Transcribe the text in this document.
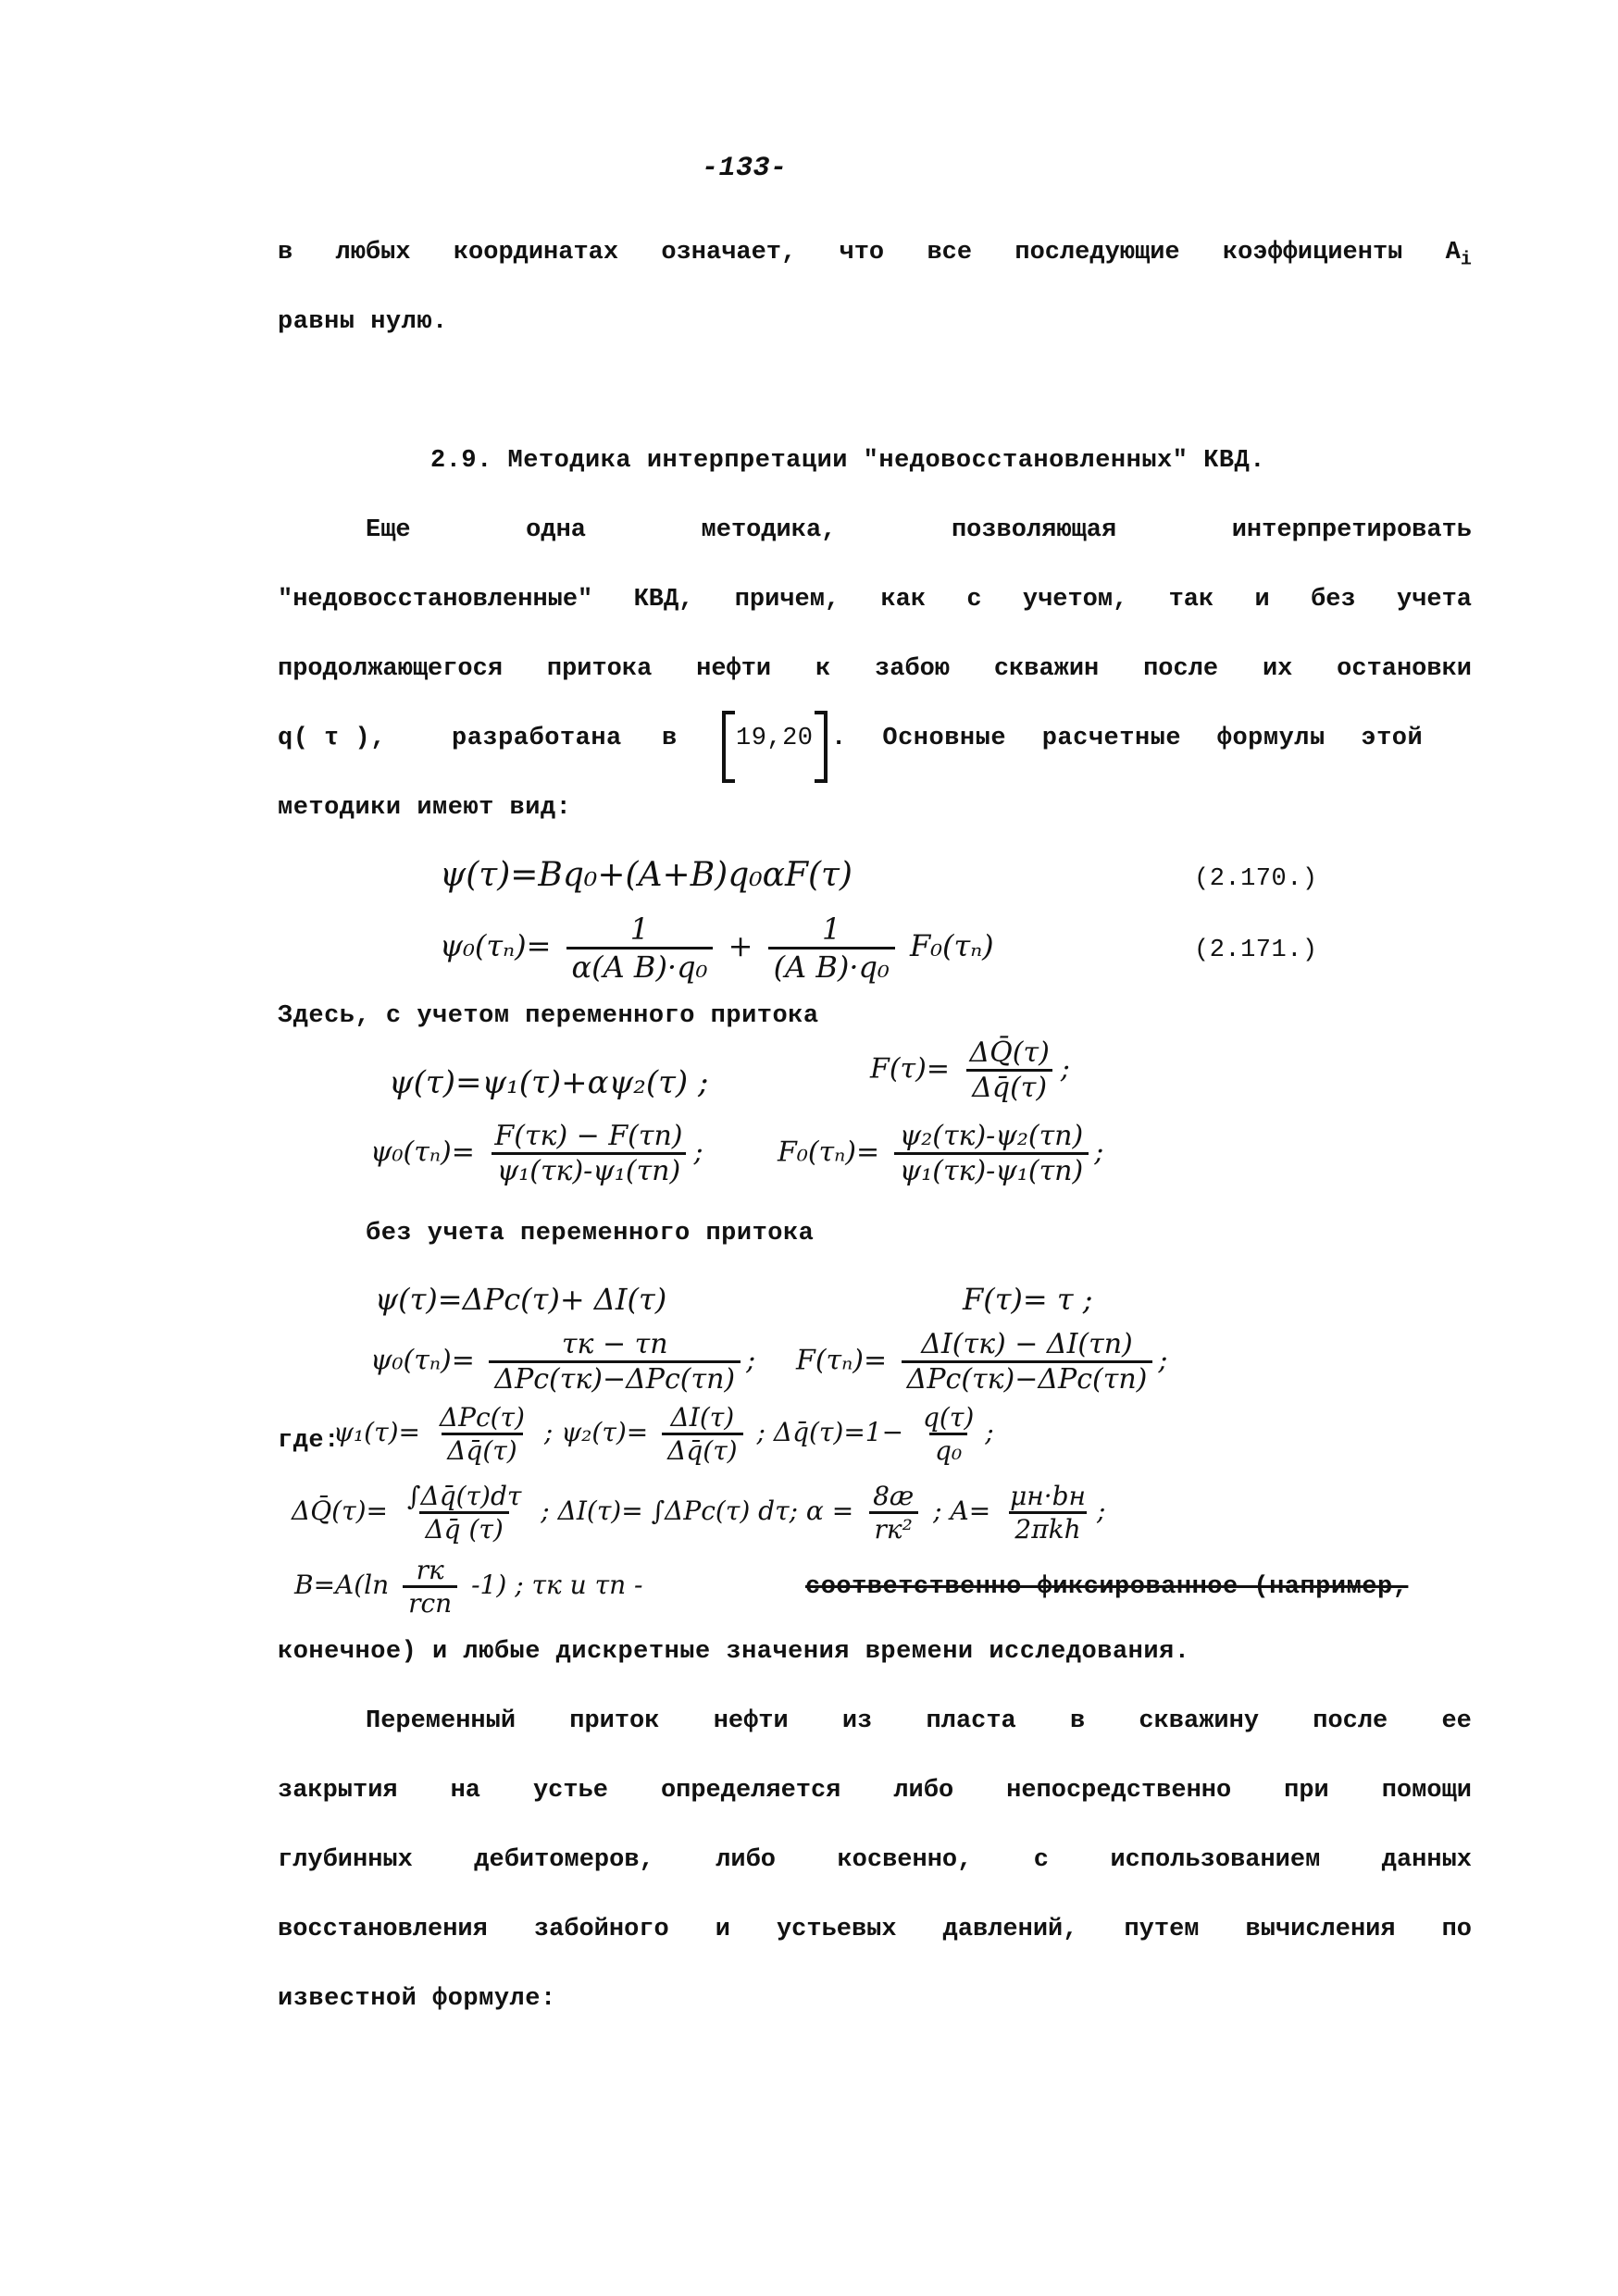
-133-
в любых координатах означает, что все последующие коэффициенты $A_i$
равны нулю.
2.9. Методика интерпретации "недовосстановленных" КВД.
Еще	одна	методика,	позволяющая	интерпретировать
"недовосстановленные" КВД, причем, как с учетом, так и без учета
продолжающегося притока нефти к забою скважин после их остановки
q( τ ),	разработана в 19,20 . Основные расчетные формулы этой
методики имеют вид:
ψ(τ)=Bq₀+(A+B)q₀αF(τ)	(2.170.)
$\psi_0(\tau_n)= \frac{1}{\text{α(A B)·q₀}} + \frac{1}{\text{(A B)·q₀}} F_0(\tau_n)$	(2.171.)
Здесь, с учетом переменного притока
ψ(τ)=ψ₁(τ)+αψ₂(τ) ;	$F(\tau)= \frac{\Delta Q̄(\tau)}{\Delta q̄(\tau)}$ ;
$\psi_0(\tau_n)= \frac{F(\tau к) - F(\tau n)}{\text{ψ₁(τк)-ψ₁(τn)}}$ ;	$F_0(\tau_n)= \frac{\text{ψ₂(τк)-ψ₂(τn)}}{\text{ψ₁(τк)-ψ₁(τn)}}$ ;
без учета переменного притока
ψ(τ)=ΔPc(τ)+ ΔI(τ)	F(τ)= τ ;
$\psi_0(\tau_n)= \frac{\tau к - \tau n}{\text{ΔPc(τк)−ΔPc(τn)}}$ ; $F(\tau_n)= \frac{\Delta I(\tau к) - \Delta I(\tau n)}{\text{ΔPc(τк)−ΔPc(τn)}}$ ;
где:
$\psi_1(\tau)= \frac{\text{ΔPc(τ)}}{\Delta q̄(\tau)}$ ; $\psi_2(\tau)= \frac{\Delta I(\tau)}{\Delta q̄(\tau)}$ ; Δq̄(τ)=1− $\frac{q(\tau)}{\text{q₀}}$ ;
ΔQ̄(τ)= $\frac{\int\Delta q̄(\tau)d\tau}{\Delta q̄ (\tau)}$ ; ΔI(τ)= ∫ΔPc(τ) dτ; $\alpha = \frac{8æ}{\text{rк²}}$ ; $A= \frac{\mu н\cdot bн}{\text{2πkh}}$ ;
$B=A(\ln \frac{rк}{\text{rcn}} -1)$ ; τк и τn -	соответственно фиксированное (например,
конечное) и любые дискретные значения времени исследования.
Переменный приток нефти из пласта в скважину после ее
закрытия на устье определяется либо непосредственно при помощи
глубинных дебитомеров, либо косвенно, с использованием данных
восстановления забойного и устьевых давлений, путем вычисления по
известной формуле:
